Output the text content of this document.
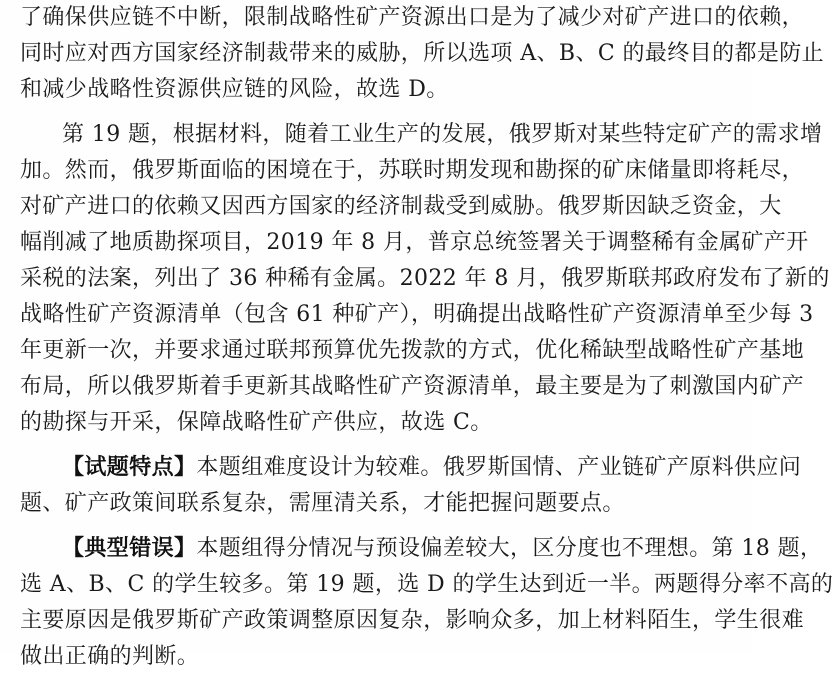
了确保供应链不中断，限制战略性矿产资源出口是为了减少对矿产进口的依赖，
同时应对西方国家经济制裁带来的威胁，所以选项 A、B、C 的最终目的都是防止
和减少战略性资源供应链的风险，故选 D。
第 19 题，根据材料，随着工业生产的发展，俄罗斯对某些特定矿产的需求增
加。然而，俄罗斯面临的困境在于，苏联时期发现和勘探的矿床储量即将耗尽，
对矿产进口的依赖又因西方国家的经济制裁受到威胁。俄罗斯因缺乏资金，大
幅削减了地质勘探项目，2019 年 8 月，普京总统签署关于调整稀有金属矿产开
采税的法案，列出了 36 种稀有金属。2022 年 8 月，俄罗斯联邦政府发布了新的
战略性矿产资源清单（包含 61 种矿产），明确提出战略性矿产资源清单至少每 3
年更新一次，并要求通过联邦预算优先拨款的方式，优化稀缺型战略性矿产基地
布局，所以俄罗斯着手更新其战略性矿产资源清单，最主要是为了刺激国内矿产
的勘探与开采，保障战略性矿产供应，故选 C。
【试题特点】本题组难度设计为较难。俄罗斯国情、产业链矿产原料供应问
题、矿产政策间联系复杂，需厘清关系，才能把握问题要点。
【典型错误】本题组得分情况与预设偏差较大，区分度也不理想。第 18 题，
选 A、B、C 的学生较多。第 19 题，选 D 的学生达到近一半。两题得分率不高的
主要原因是俄罗斯矿产政策调整原因复杂，影响众多，加上材料陌生，学生很难
做出正确的判断。
